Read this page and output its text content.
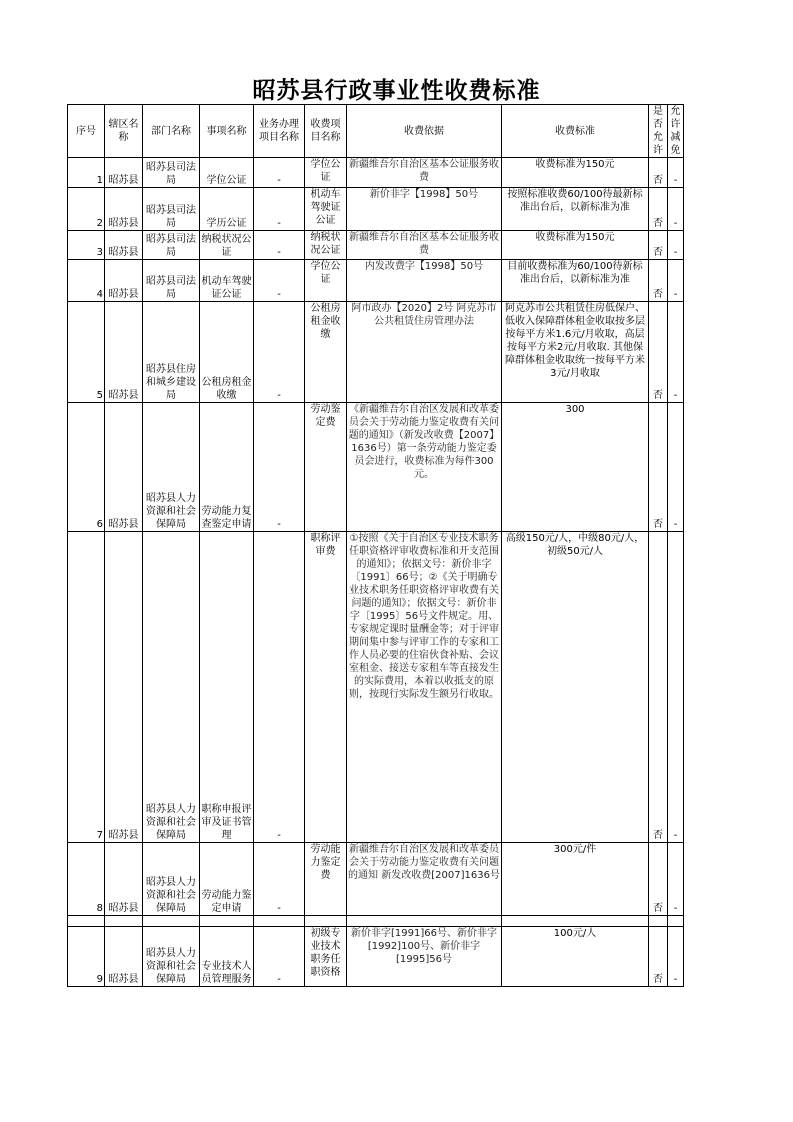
昭苏县行政事业性收费标准
序号	辖区名称	部门名称	事项名称	业务办理项目名称	收费项目名称	收费依据	收费标准	是否允许	允许减免
1	昭苏县	昭苏县司法局	学位公证	-	学位公证	新疆维吾尔自治区基本公证服务收费	收费标准为150元	否	-
2	昭苏县	昭苏县司法局	学历公证	-	机动车驾驶证公证	新价非字【1998】50号	按照标准收费60/100待最新标准出台后，以新标准为准	否	-
3	昭苏县	昭苏县司法局	纳税状况公证	-	纳税状况公证	新疆维吾尔自治区基本公证服务收费	收费标准为150元	否	-
4	昭苏县	昭苏县司法局	机动车驾驶证公证	-	学位公证	内发改费字【1998】50号	目前收费标准为60/100待新标准出台后，以新标准为准	否	-
5	昭苏县	昭苏县住房和城乡建设局	公租房租金收缴	-	公租房租金收缴	阿市政办【2020】2号 阿克苏市公共租赁住房管理办法	阿克苏市公共租赁住房低保户、低收入保障群体租金收取按多层按每平方米1.6元/月收取，高层按每平方米2元/月收取. 其他保障群体租金收取统一按每平方米3元/月收取	否	-
6	昭苏县	昭苏县人力资源和社会保障局	劳动能力复查鉴定申请	-	劳动鉴定费	《新疆维吾尔自治区发展和改革委员会关于劳动能力鉴定收费有关问题的通知》（新发改收费【2007】1636号）第一条劳动能力鉴定委员会进行，收费标准为每件300元。	300	否	-
7	昭苏县	昭苏县人力资源和社会保障局	职称申报评审及证书管理	-	职称评审费	①按照《关于自治区专业技术职务任职资格评审收费标准和开支范围的通知》；依据文号：新价非字〔1991〕66号；②《关于明确专业技术职务任职资格评审收费有关问题的通知》；依据文号：新价非字〔1995〕56号文件规定。用、专家规定课时量酬金等；对于评审期间集中参与评审工作的专家和工作人员必要的住宿伙食补贴、会议室租金、接送专家租车等直接发生的实际费用，本着以收抵支的原则，按现行实际发生额另行收取。	高级150元/人，中级80元/人，初级50元/人	否	-
8	昭苏县	昭苏县人力资源和社会保障局	劳动能力鉴定申请	-	劳动能力鉴定费	新疆维吾尔自治区发展和改革委员会关于劳动能力鉴定收费有关问题的通知 新发改收费[2007]1636号	300元/件	否	-

9	昭苏县	昭苏县人力资源和社会保障局	专业技术人员管理服务	-	初级专业技术职务任职资格	新价非字[1991]66号、新价非字[1992]100号、新价非字[1995]56号	100元/人	否	-
